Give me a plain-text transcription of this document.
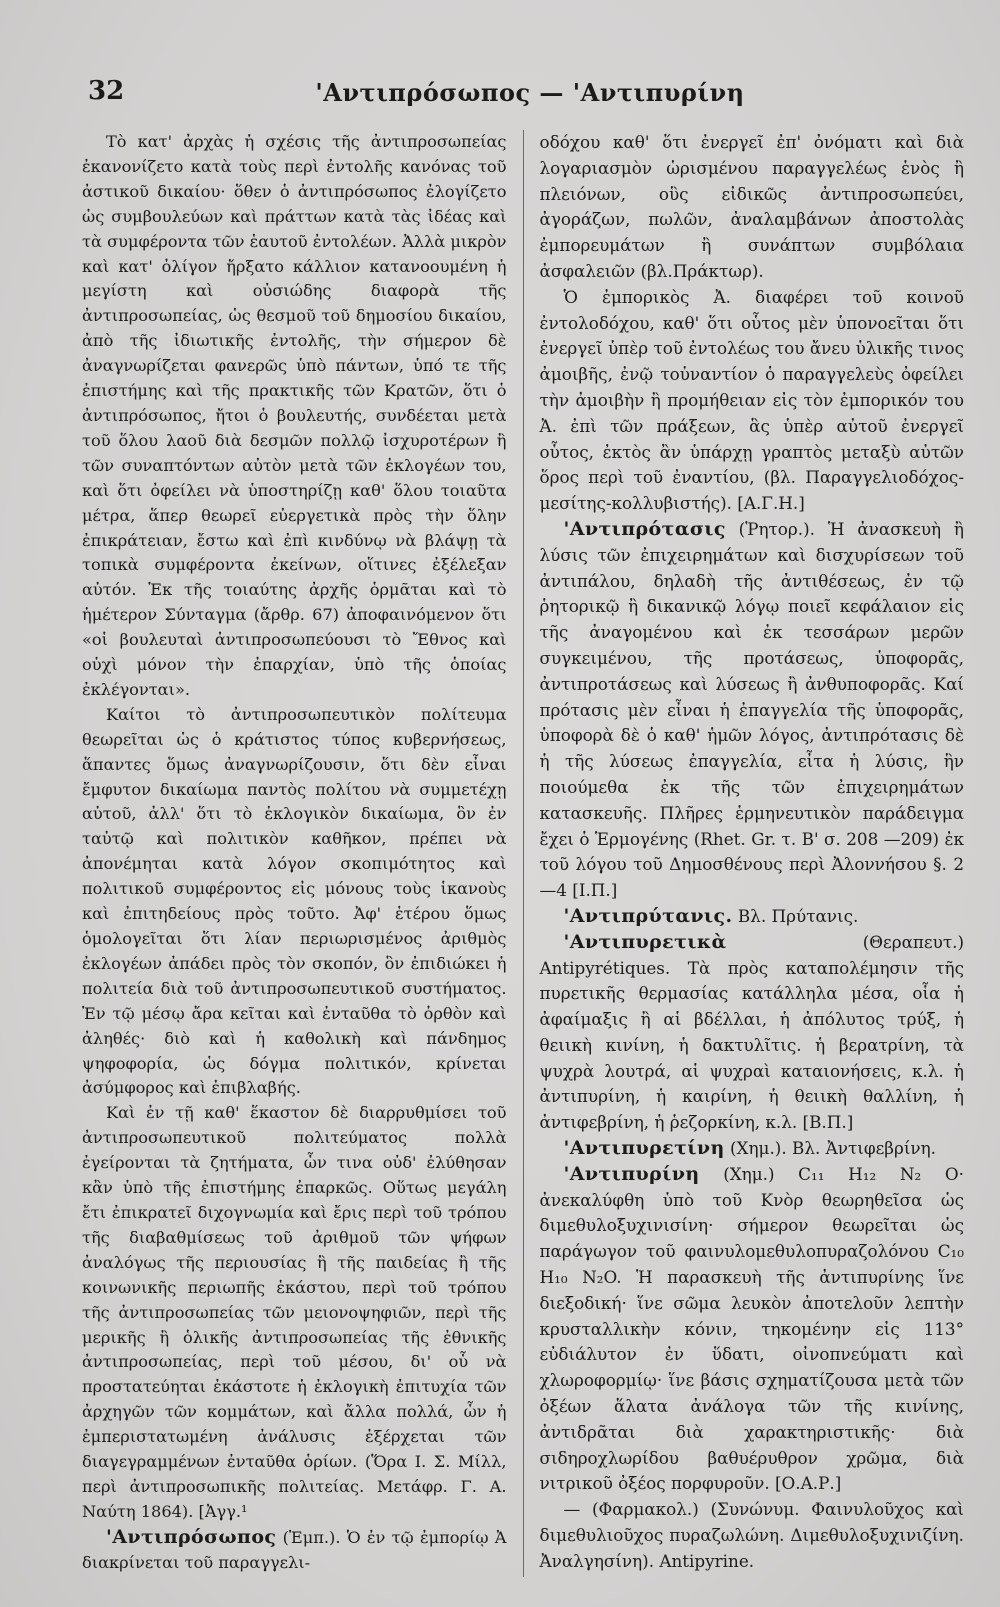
32	'Αντιπρόσωπος — 'Αντιπυρίνη

Τὸ κατ' ἀρχὰς ἡ σχέσις τῆς ἀντιπροσωπείας ἐκανονίζετο κατὰ τοὺς περὶ ἐντολῆς κανόνας τοῦ ἀστικοῦ δικαίου· ὅθεν ὁ ἀντιπρόσωπος ἐλογίζετο ὡς συμβουλεύων καὶ πράττων κατὰ τὰς ἰδέας καὶ τὰ συμφέροντα τῶν ἑαυτοῦ ἐντολέων. Ἀλλὰ μικρὸν καὶ κατ' ὀλίγον ἤρξατο κάλλιον κατανοουμένη ἡ μεγίστη καὶ οὐσιώδης διαφορὰ τῆς ἀντιπροσωπείας, ὡς θεσμοῦ τοῦ δημοσίου δικαίου, ἀπὸ τῆς ἰδιωτικῆς ἐντολῆς, τὴν σήμερον δὲ ἀναγνωρίζεται φανερῶς ὑπὸ πάντων, ὑπό τε τῆς ἐπιστήμης καὶ τῆς πρακτικῆς τῶν Κρατῶν, ὅτι ὁ ἀντιπρόσωπος, ἤτοι ὁ βουλευτής, συνδέεται μετὰ τοῦ ὅλου λαοῦ διὰ δεσμῶν πολλῷ ἰσχυροτέρων ἢ τῶν συναπτόντων αὐτὸν μετὰ τῶν ἐκλογέων του, καὶ ὅτι ὀφείλει νὰ ὑποστηρίζῃ καθ' ὅλου τοιαῦτα μέτρα, ἅπερ θεωρεῖ εὐεργετικὰ πρὸς τὴν ὅλην ἐπικράτειαν, ἔστω καὶ ἐπὶ κινδύνῳ νὰ βλάψῃ τὰ τοπικὰ συμφέροντα ἐκείνων, οἵτινες ἐξέλεξαν αὐτόν. Ἐκ τῆς τοιαύτης ἀρχῆς ὁρμᾶται καὶ τὸ ἡμέτερον Σύνταγμα (ἄρθρ. 67) ἀποφαινόμενον ὅτι «οἱ βουλευταὶ ἀντιπροσωπεύουσι τὸ Ἔθνος καὶ οὐχὶ μόνον τὴν ἐπαρχίαν, ὑπὸ τῆς ὁποίας ἐκλέγονται».

Καίτοι τὸ ἀντιπροσωπευτικὸν πολίτευμα θεωρεῖται ὡς ὁ κράτιστος τύπος κυβερνήσεως, ἅπαντες ὅμως ἀναγνωρίζουσιν, ὅτι δὲν εἶναι ἔμφυτον δικαίωμα παντὸς πολίτου νὰ συμμετέχῃ αὐτοῦ, ἀλλ' ὅτι τὸ ἐκλογικὸν δικαίωμα, ὃν ἐν ταὐτῷ καὶ πολιτικὸν καθῆκον, πρέπει νὰ ἀπονέμηται κατὰ λόγον σκοπιμότητος καὶ πολιτικοῦ συμφέροντος εἰς μόνους τοὺς ἱκανοὺς καὶ ἐπιτηδείους πρὸς τοῦτο. Ἀφ' ἑτέρου ὅμως ὁμολογεῖται ὅτι λίαν περιωρισμένος ἀριθμὸς ἐκλογέων ἀπάδει πρὸς τὸν σκοπόν, ὃν ἐπιδιώκει ἡ πολιτεία διὰ τοῦ ἀντιπροσωπευτικοῦ συστήματος. Ἐν τῷ μέσῳ ἄρα κεῖται καὶ ἐνταῦθα τὸ ὀρθὸν καὶ ἀληθές· διὸ καὶ ἡ καθολικὴ καὶ πάνδημος ψηφοφορία, ὡς δόγμα πολιτικόν, κρίνεται ἀσύμφορος καὶ ἐπιβλαβής.

Καὶ ἐν τῇ καθ' ἕκαστον δὲ διαρρυθμίσει τοῦ ἀντιπροσωπευτικοῦ πολιτεύματος πολλὰ ἐγείρονται τὰ ζητήματα, ὧν τινα οὐδ' ἐλύθησαν κἂν ὑπὸ τῆς ἐπιστήμης ἐπαρκῶς. Οὕτως μεγάλη ἔτι ἐπικρατεῖ διχογνωμία καὶ ἔρις περὶ τοῦ τρόπου τῆς διαβαθμίσεως τοῦ ἀριθμοῦ τῶν ψήφων ἀναλόγως τῆς περιουσίας ἢ τῆς παιδείας ἢ τῆς κοινωνικῆς περιωπῆς ἑκάστου, περὶ τοῦ τρόπου τῆς ἀντιπροσωπείας τῶν μειονοψηφιῶν, περὶ τῆς μερικῆς ἢ ὁλικῆς ἀντιπροσωπείας τῆς ἐθνικῆς ἀντιπροσωπείας, περὶ τοῦ μέσου, δι' οὗ νὰ προστατεύηται ἑκάστοτε ἡ ἐκλογικὴ ἐπιτυχία τῶν ἀρχηγῶν τῶν κομμάτων, καὶ ἄλλα πολλά, ὧν ἡ ἐμπεριστατωμένη ἀνάλυσις ἐξέρχεται τῶν διαγεγραμμένων ἐνταῦθα ὁρίων. (Ὅρα Ι. Σ. Μίλλ, περὶ ἀντιπροσωπικῆς πολιτείας. Μετάφρ. Γ. Α. Ναύτη 1864). [Ἀγγ.¹

'Αντιπρόσωπος (Ἐμπ.). Ὁ ἐν τῷ ἐμπορίῳ Ἀ διακρίνεται τοῦ παραγγελι-

οδόχου καθ' ὅτι ἐνεργεῖ ἐπ' ὀνόματι καὶ διὰ λογαριασμὸν ὡρισμένου παραγγελέως ἑνὸς ἢ πλειόνων, οὓς εἰδικῶς ἀντιπροσωπεύει, ἀγοράζων, πωλῶν, ἀναλαμβάνων ἀποστολὰς ἐμπορευμάτων ἢ συνάπτων συμβόλαια ἀσφαλειῶν (βλ.Πράκτωρ).

Ὁ ἐμπορικὸς Ἀ. διαφέρει τοῦ κοινοῦ ἐντολοδόχου, καθ' ὅτι οὗτος μὲν ὑπονοεῖται ὅτι ἐνεργεῖ ὑπὲρ τοῦ ἐντολέως του ἄνευ ὑλικῆς τινος ἀμοιβῆς, ἐνῷ τοὐναντίον ὁ παραγγελεὺς ὀφείλει τὴν ἀμοιβὴν ἢ προμήθειαν εἰς τὸν ἐμπορικόν του Ἀ. ἐπὶ τῶν πράξεων, ἃς ὑπὲρ αὐτοῦ ἐνεργεῖ οὗτος, ἐκτὸς ἂν ὑπάρχῃ γραπτὸς μεταξὺ αὐτῶν ὅρος περὶ τοῦ ἐναντίου, (βλ. Παραγγελιοδόχος-μεσίτης-κολλυβιστής). [Α.Γ.Η.]

'Αντιπρότασις (Ῥητορ.). Ἡ ἀνασκευὴ ἢ λύσις τῶν ἐπιχειρημάτων καὶ δισχυρίσεων τοῦ ἀντιπάλου, δηλαδὴ τῆς ἀντιθέσεως, ἐν τῷ ῥητορικῷ ἢ δικανικῷ λόγῳ ποιεῖ κεφάλαιον εἰς τῆς ἀναγομένου καὶ ἐκ τεσσάρων μερῶν συγκειμένου, τῆς προτάσεως, ὑποφορᾶς, ἀντιπροτάσεως καὶ λύσεως ἢ ἀνθυποφορᾶς. Καί πρότασις μὲν εἶναι ἡ ἐπαγγελία τῆς ὑποφορᾶς, ὑποφορὰ δὲ ὁ καθ' ἡμῶν λόγος, ἀντιπρότασις δὲ ἡ τῆς λύσεως ἐπαγγελία, εἶτα ἡ λύσις, ἣν ποιούμεθα ἐκ τῆς τῶν ἐπιχειρημάτων κατασκευῆς. Πλῆρες ἑρμηνευτικὸν παράδειγμα ἔχει ὁ Ἑρμογένης (Rhet. Gr. τ. Β' σ. 208 —209) ἐκ τοῦ λόγου τοῦ Δημοσθένους περὶ Ἀλοννήσου §. 2—4 [Ι.Π.]

'Αντιπρύτανις. Βλ. Πρύτανις.

'Αντιπυρετικὰ (Θεραπευτ.) Antipyrétiques. Τὰ πρὸς καταπολέμησιν τῆς πυρετικῆς θερμασίας κατάλληλα μέσα, οἷα ἡ ἀφαίμαξις ἢ αἱ βδέλλαι, ἡ ἀπόλυτος τρύξ, ἡ θειικὴ κινίνη, ἡ δακτυλῖτις. ἡ βερατρίνη, τὰ ψυχρὰ λουτρά, αἱ ψυχραὶ καταιονήσεις, κ.λ. ἡ ἀντιπυρίνη, ἡ καιρίνη, ἡ θειικὴ θαλλίνη, ἡ ἀντιφεβρίνη, ἡ ῥεζορκίνη, κ.λ. [Β.Π.]

'Αντιπυρετίνη (Χημ.). Βλ. Ἀντιφεβρίνη.

'Αντιπυρίνη (Χημ.) C₁₁ H₁₂ N₂ O· ἀνεκαλύφθη ὑπὸ τοῦ Κνὸρ θεωρηθεῖσα ὡς διμεθυλοξυχινισίνη· σήμερον θεωρεῖται ὡς παράγωγον τοῦ φαινυλομεθυλοπυραζολόνου C₁₀ H₁₀ N₂O. Ἡ παρασκευὴ τῆς ἀντιπυρίνης ἵνε διεξοδική· ἵνε σῶμα λευκὸν ἀποτελοῦν λεπτὴν κρυσταλλικὴν κόνιν, τηκομένην εἰς 113° εὐδιάλυτον ἐν ὕδατι, οἰνοπνεύματι καὶ χλωροφορμίῳ· ἵνε βάσις σχηματίζουσα μετὰ τῶν ὀξέων ἅλατα ἀνάλογα τῶν τῆς κινίνης, ἀντιδρᾶται διὰ χαρακτηριστικῆς· διὰ σιδηροχλωρίδου βαθυέρυθρον χρῶμα, διὰ νιτρικοῦ ὀξέος πορφυροῦν. [Ο.Α.Ρ.]

— (Φαρμακολ.) (Συνώνυμ. Φαινυλοῦχος καὶ διμεθυλιοῦχος πυραζωλώνη. Διμεθυλοξυχινιζίνη. Ἀναλγησίνη). Antipyrine.
